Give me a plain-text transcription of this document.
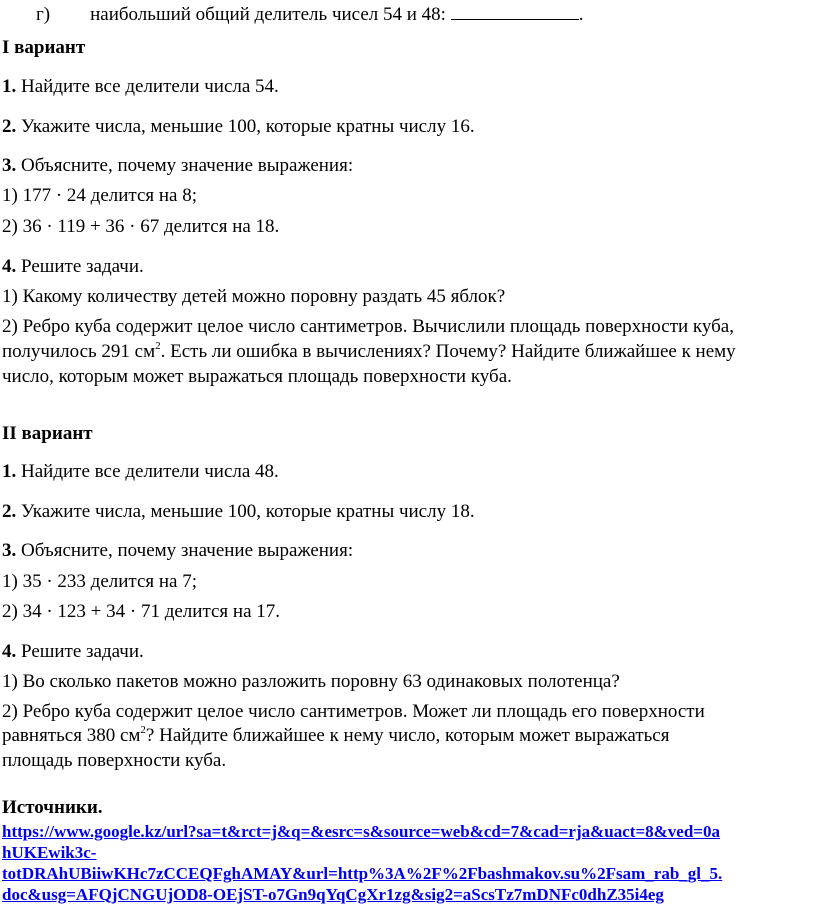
г) наибольший общий делитель чисел 54 и 48:	.
I вариант
1. Найдите все делители числа 54.
2. Укажите числа, меньшие 100, которые кратны числу 16.
3. Объясните, почему значение выражения:
1) 177 · 24 делится на 8;
2) 36 · 119 + 36 · 67 делится на 18.
4. Решите задачи.
1) Какому количеству детей можно поровну раздать 45 яблок?
2) Ребро куба содержит целое число сантиметров. Вычислили площадь поверхности куба,
получилось 291 $см^2$. Есть ли ошибка в вычислениях? Почему? Найдите ближайшее к нему
число, которым может выражаться площадь поверхности куба.
II вариант
1. Найдите все делители числа 48.
2. Укажите числа, меньшие 100, которые кратны числу 18.
3. Объясните, почему значение выражения:
1) 35 · 233 делится на 7;
2) 34 · 123 + 34 · 71 делится на 17.
4. Решите задачи.
1) Во сколько пакетов можно разложить поровну 63 одинаковых полотенца?
2) Ребро куба содержит целое число сантиметров. Может ли площадь его поверхности
равняться 380 $см^2$? Найдите ближайшее к нему число, которым может выражаться
площадь поверхности куба.
Источники.
https://www.google.kz/url?sa=t&rct=j&q=&esrc=s&source=web&cd=7&cad=rja&uact=8&ved=0a
hUKEwik3c-
totDRAhUBiiwKHc7zCCEQFghAMAY&url=http%3A%2F%2Fbashmakov.su%2Fsam_rab_gl_5.
doc&usg=AFQjCNGUjOD8-OEjST-o7Gn9qYqCgXr1zg&sig2=aScsTz7mDNFc0dhZ35i4eg
